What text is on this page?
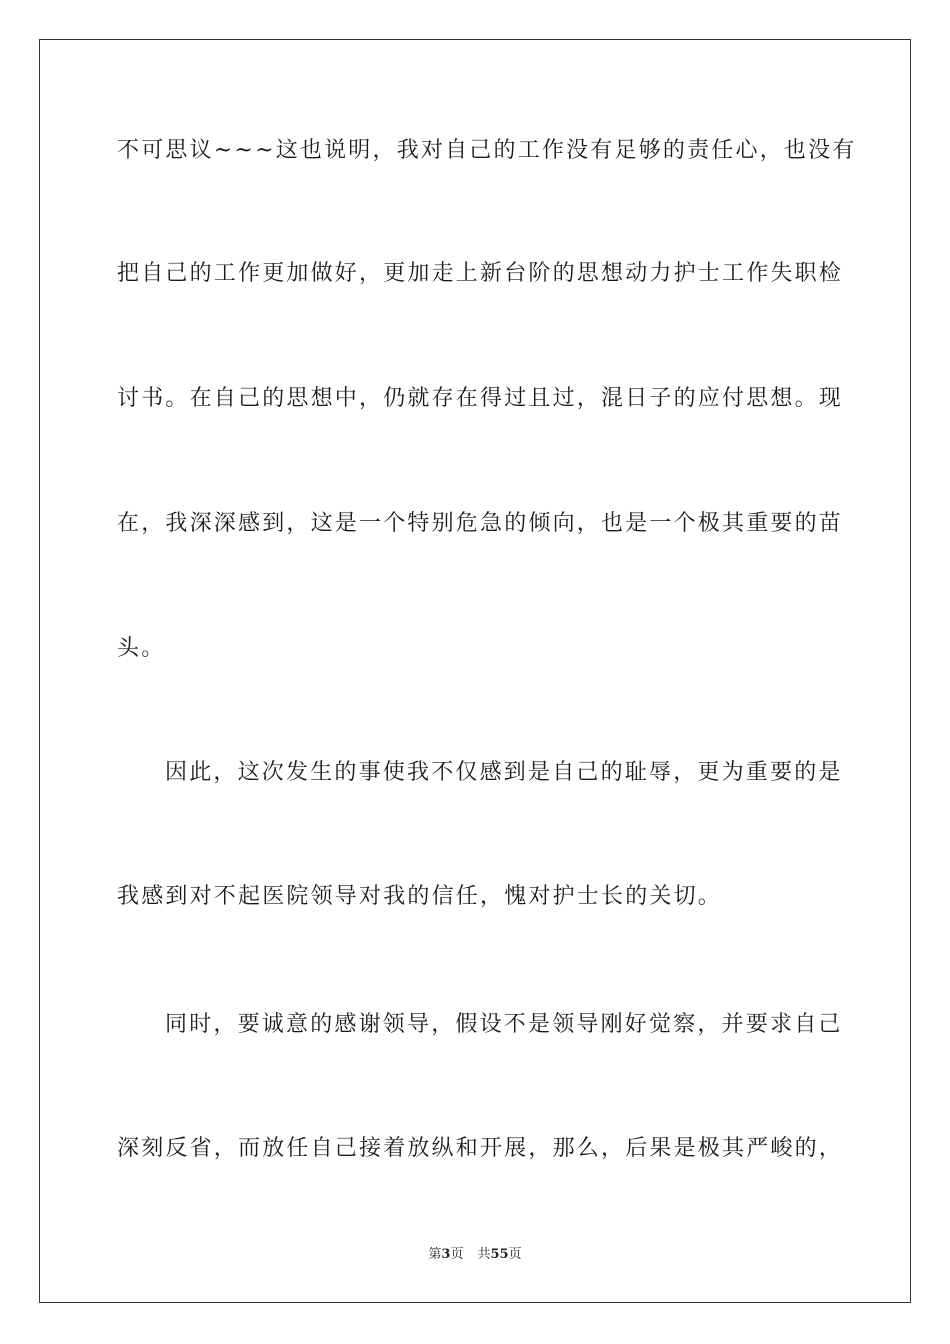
不可思议~~~这也说明，我对自己的工作没有足够的责任心，也没有
把自己的工作更加做好，更加走上新台阶的思想动力护士工作失职检
讨书。在自己的思想中，仍就存在得过且过，混日子的应付思想。现
在，我深深感到，这是一个特别危急的倾向，也是一个极其重要的苗
头。
因此，这次发生的事使我不仅感到是自己的耻辱，更为重要的是
我感到对不起医院领导对我的信任，愧对护士长的关切。
同时，要诚意的感谢领导，假设不是领导刚好觉察，并要求自己
深刻反省，而放任自己接着放纵和开展，那么，后果是极其严峻的，
第3页 共55页
